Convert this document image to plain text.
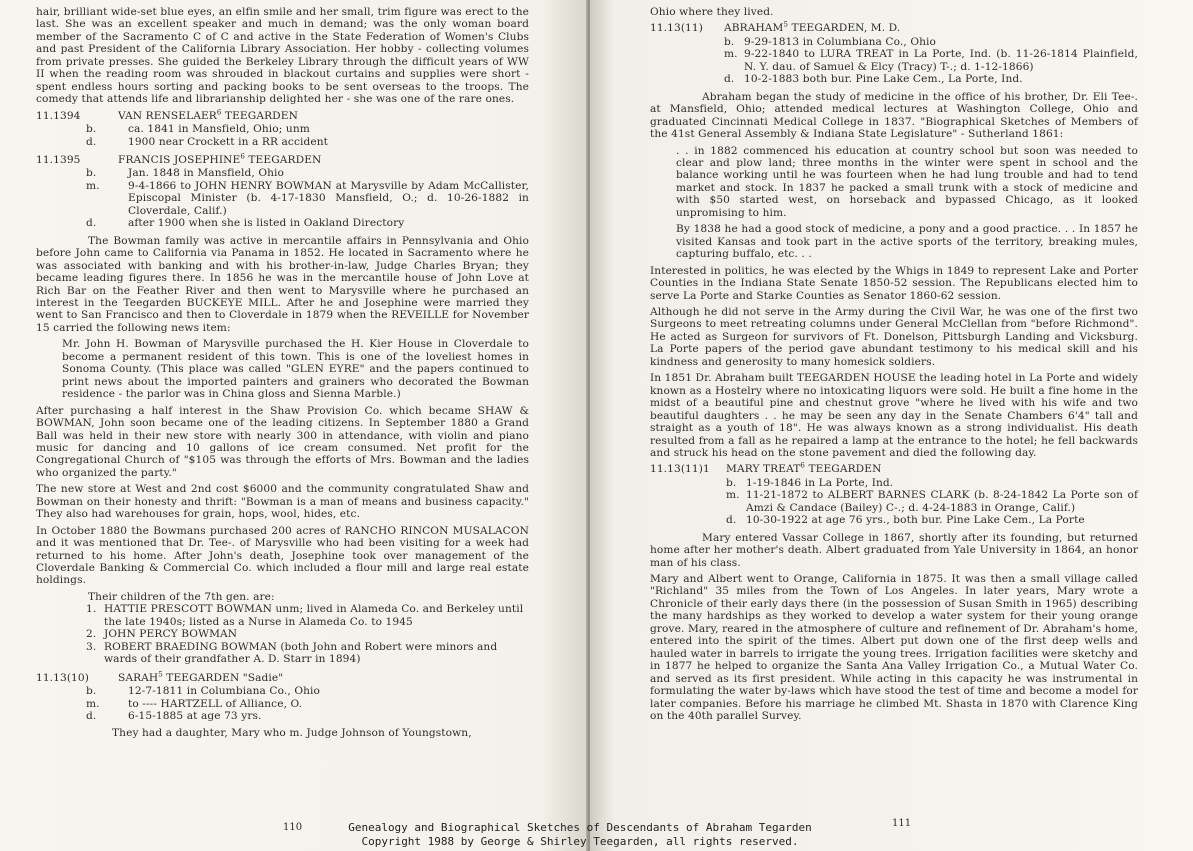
hair, brilliant wide-set blue eyes, an elfin smile and her small, trim figure was erect to the last. She was an excellent speaker and much in demand; was the only woman board member of the Sacramento C of C and active in the State Federation of Women's Clubs and past President of the California Library Association. Her hobby - collecting volumes from private presses. She guided the Berkeley Library through the difficult years of WW II when the reading room was shrouded in blackout curtains and supplies were short - spent endless hours sorting and packing books to be sent overseas to the troops. The comedy that attends life and librarianship delighted her - she was one of the rare ones.

11.1394	VAN RENSELAER$^6$ TEEGARDEN
b.	ca. 1841 in Mansfield, Ohio; unm
d.	1900 near Crockett in a RR accident
11.1395	FRANCIS JOSEPHINE$^6$ TEEGARDEN
b.	Jan. 1848 in Mansfield, Ohio
m.	9-4-1866 to JOHN HENRY BOWMAN at Marysville by Adam McCallister, Episcopal Minister (b. 4-17-1830 Mansfield, O.; d. 10-26-1882 in Cloverdale, Calif.)
d.	after 1900 when she is listed in Oakland Directory

The Bowman family was active in mercantile affairs in Pennsylvania and Ohio before John came to California via Panama in 1852. He located in Sacramento where he was associated with banking and with his brother-in-law, Judge Charles Bryan; they became leading figures there. In 1856 he was in the mercantile house of John Love at Rich Bar on the Feather River and then went to Marysville where he purchased an interest in the Teegarden BUCKEYE MILL. After he and Josephine were married they went to San Francisco and then to Cloverdale in 1879 when the REVEILLE for November 15 carried the following news item:

Mr. John H. Bowman of Marysville purchased the H. Kier House in Cloverdale to become a permanent resident of this town. This is one of the loveliest homes in Sonoma County. (This place was called "GLEN EYRE" and the papers continued to print news about the imported painters and grainers who decorated the Bowman residence - the parlor was in China gloss and Sienna Marble.)

After purchasing a half interest in the Shaw Provision Co. which became SHAW & BOWMAN, John soon became one of the leading citizens. In September 1880 a Grand Ball was held in their new store with nearly 300 in attendance, with violin and piano music for dancing and 10 gallons of ice cream consumed. Net profit for the Congregational Church of "$105 was through the efforts of Mrs. Bowman and the ladies who organized the party."

The new store at West and 2nd cost $6000 and the community congratulated Shaw and Bowman on their honesty and thrift: "Bowman is a man of means and business capacity." They also had warehouses for grain, hops, wool, hides, etc.

In October 1880 the Bowmans purchased 200 acres of RANCHO RINCON MUSALACON and it was mentioned that Dr. Tee-. of Marysville who had been visiting for a week had returned to his home. After John's death, Josephine took over management of the Cloverdale Banking & Commercial Co. which included a flour mill and large real estate holdings.

Their children of the 7th gen. are:
1. HATTIE PRESCOTT BOWMAN unm; lived in Alameda Co. and Berkeley until the late 1940s; listed as a Nurse in Alameda Co. to 1945
2. JOHN PERCY BOWMAN
3. ROBERT BRAEDING BOWMAN (both John and Robert were minors and wards of their grandfather A. D. Starr in 1894)
11.13(10)	SARAH$^5$ TEEGARDEN "Sadie"
b.	12-7-1811 in Columbiana Co., Ohio
m.	to ---- HARTZELL of Alliance, O.
d.	6-15-1885 at age 73 yrs.

They had a daughter, Mary who m. Judge Johnson of Youngstown,

110

Ohio where they lived.

11.13(11) ABRAHAM$^5$ TEEGARDEN, M. D.
b. 9-29-1813 in Columbiana Co., Ohio
m. 9-22-1840 to LURA TREAT in La Porte, Ind. (b. 11-26-1814 Plainfield, N. Y. dau. of Samuel & Elcy (Tracy) T-.; d. 1-12-1866)
d. 10-2-1883 both bur. Pine Lake Cem., La Porte, Ind.

Abraham began the study of medicine in the office of his brother, Dr. Eli Tee-. at Mansfield, Ohio; attended medical lectures at Washington College, Ohio and graduated Cincinnati Medical College in 1837. "Biographical Sketches of Members of the 41st General Assembly & Indiana State Legislature" - Sutherland 1861:

. . in 1882 commenced his education at country school but soon was needed to clear and plow land; three months in the winter were spent in school and the balance working until he was fourteen when he had lung trouble and had to tend market and stock. In 1837 he packed a small trunk with a stock of medicine and with $50 started west, on horseback and bypassed Chicago, as it looked unpromising to him.

By 1838 he had a good stock of medicine, a pony and a good practice. . . In 1857 he visited Kansas and took part in the active sports of the territory, breaking mules, capturing buffalo, etc. . .

Interested in politics, he was elected by the Whigs in 1849 to represent Lake and Porter Counties in the Indiana State Senate 1850-52 session. The Republicans elected him to serve La Porte and Starke Counties as Senator 1860-62 session.

Although he did not serve in the Army during the Civil War, he was one of the first two Surgeons to meet retreating columns under General McClellan from "before Richmond". He acted as Surgeon for survivors of Ft. Donelson, Pittsburgh Landing and Vicksburg. La Porte papers of the period gave abundant testimony to his medical skill and his kindness and generosity to many homesick soldiers.

In 1851 Dr. Abraham built TEEGARDEN HOUSE the leading hotel in La Porte and widely known as a Hostelry where no intoxicating liquors were sold. He built a fine home in the midst of a beautiful pine and chestnut grove "where he lived with his wife and two beautiful daughters . . he may be seen any day in the Senate Chambers 6'4" tall and straight as a youth of 18". He was always known as a strong individualist. His death resulted from a fall as he repaired a lamp at the entrance to the hotel; he fell backwards and struck his head on the stone pavement and died the following day.

11.13(11)1 MARY TREAT$^6$ TEEGARDEN
b. 1-19-1846 in La Porte, Ind.
m. 11-21-1872 to ALBERT BARNES CLARK (b. 8-24-1842 La Porte son of Amzi & Candace (Bailey) C-.; d. 4-24-1883 in Orange, Calif.)
d. 10-30-1922 at age 76 yrs., both bur. Pine Lake Cem., La Porte

Mary entered Vassar College in 1867, shortly after its founding, but returned home after her mother's death. Albert graduated from Yale University in 1864, an honor man of his class.

Mary and Albert went to Orange, California in 1875. It was then a small village called "Richland" 35 miles from the Town of Los Angeles. In later years, Mary wrote a Chronicle of their early days there (in the possession of Susan Smith in 1965) describing the many hardships as they worked to develop a water system for their young orange grove. Mary, reared in the atmosphere of culture and refinement of Dr. Abraham's home, entered into the spirit of the times. Albert put down one of the first deep wells and hauled water in barrels to irrigate the young trees. Irrigation facilities were sketchy and in 1877 he helped to organize the Santa Ana Valley Irrigation Co., a Mutual Water Co. and served as its first president. While acting in this capacity he was instrumental in formulating the water by-laws which have stood the test of time and become a model for later companies. Before his marriage he climbed Mt. Shasta in 1870 with Clarence King on the 40th parallel Survey.

111
Genealogy and Biographical Sketches of Descendants of Abraham Tegarden
Copyright 1988 by George & Shirley Teegarden, all rights reserved.
